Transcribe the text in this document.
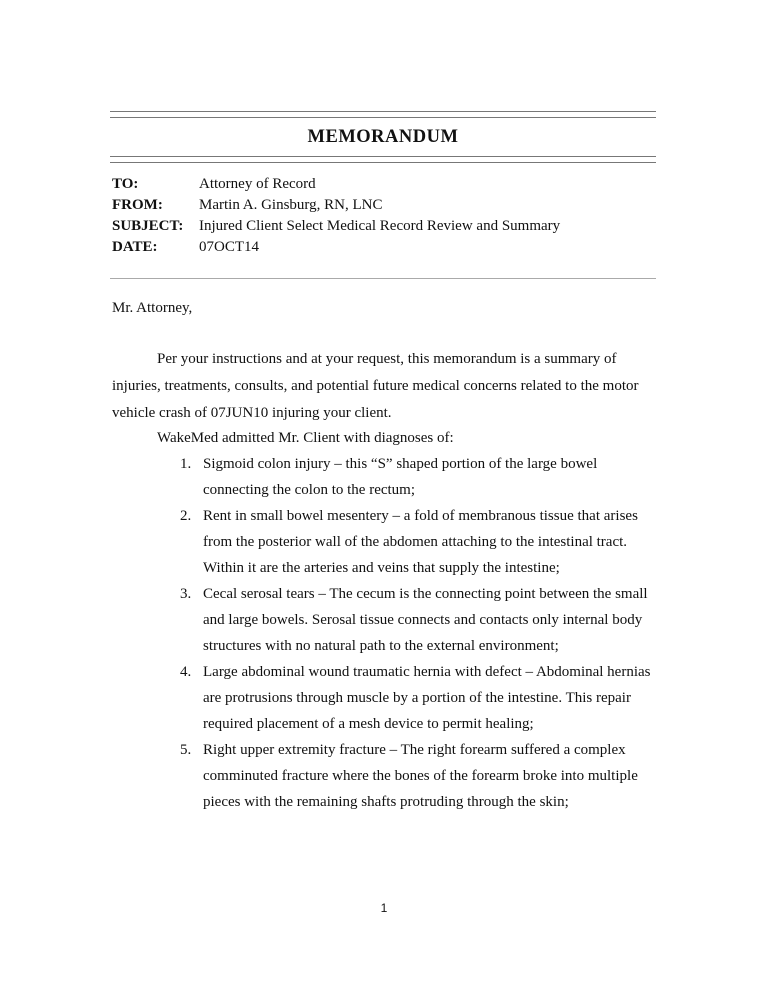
MEMORANDUM
TO:	Attorney of Record
FROM: Martin A. Ginsburg, RN, LNC
SUBJECT: Injured Client Select Medical Record Review and Summary
DATE:	07OCT14
Mr. Attorney,
Per your instructions and at your request, this memorandum is a summary of
injuries, treatments, consults, and potential future medical concerns related to the motor
vehicle crash of 07JUN10 injuring your client.
WakeMed admitted Mr. Client with diagnoses of:
1. Sigmoid colon injury – this “S” shaped portion of the large bowel
connecting the colon to the rectum;
2. Rent in small bowel mesentery – a fold of membranous tissue that arises
from the posterior wall of the abdomen attaching to the intestinal tract.
Within it are the arteries and veins that supply the intestine;
3. Cecal serosal tears – The cecum is the connecting point between the small
and large bowels. Serosal tissue connects and contacts only internal body
structures with no natural path to the external environment;
4. Large abdominal wound traumatic hernia with defect – Abdominal hernias
are protrusions through muscle by a portion of the intestine. This repair
required placement of a mesh device to permit healing;
5. Right upper extremity fracture – The right forearm suffered a complex
comminuted fracture where the bones of the forearm broke into multiple
pieces with the remaining shafts protruding through the skin;
1
